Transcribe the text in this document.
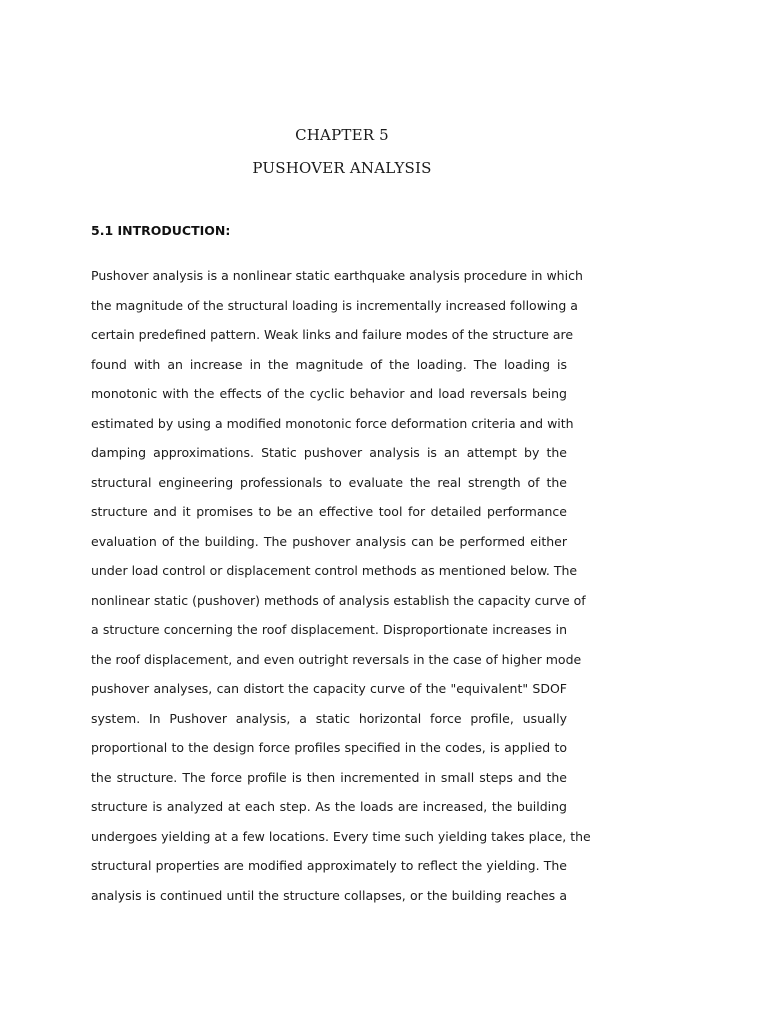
CHAPTER 5
PUSHOVER ANALYSIS
5.1 INTRODUCTION:
Pushover analysis is a nonlinear static earthquake analysis procedure in which
the magnitude of the structural loading is incrementally increased following a
certain predefined pattern. Weak links and failure modes of the structure are
found with an increase in the magnitude of the loading. The loading is
monotonic with the effects of the cyclic behavior and load reversals being
estimated by using a modified monotonic force deformation criteria and with
damping approximations. Static pushover analysis is an attempt by the
structural engineering professionals to evaluate the real strength of the
structure and it promises to be an effective tool for detailed performance
evaluation of the building. The pushover analysis can be performed either
under load control or displacement control methods as mentioned below. The
nonlinear static (pushover) methods of analysis establish the capacity curve of
a structure concerning the roof displacement. Disproportionate increases in
the roof displacement, and even outright reversals in the case of higher mode
pushover analyses, can distort the capacity curve of the "equivalent" SDOF
system. In Pushover analysis, a static horizontal force profile, usually
proportional to the design force profiles specified in the codes, is applied to
the structure. The force profile is then incremented in small steps and the
structure is analyzed at each step. As the loads are increased, the building
undergoes yielding at a few locations. Every time such yielding takes place, the
structural properties are modified approximately to reflect the yielding. The
analysis is continued until the structure collapses, or the building reaches a
